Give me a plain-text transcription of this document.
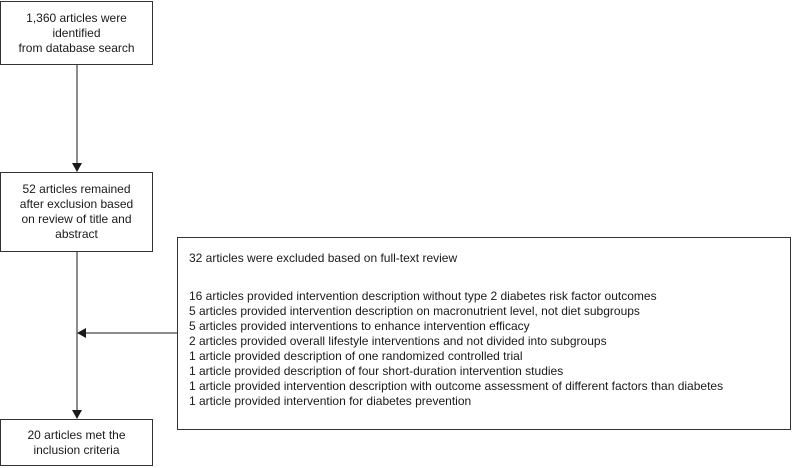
1,360 articles were
identified
from database search
52 articles remained
after exclusion based
on review of title and
abstract
32 articles were excluded based on full-text review
16 articles provided intervention description without type 2 diabetes risk factor outcomes
5 articles provided intervention description on macronutrient level, not diet subgroups
5 articles provided interventions to enhance intervention efficacy
2 articles provided overall lifestyle interventions and not divided into subgroups
1 article provided description of one randomized controlled trial
1 article provided description of four short-duration intervention studies
1 article provided intervention description with outcome assessment of different factors than diabetes
1 article provided intervention for diabetes prevention
20 articles met the
inclusion criteria
